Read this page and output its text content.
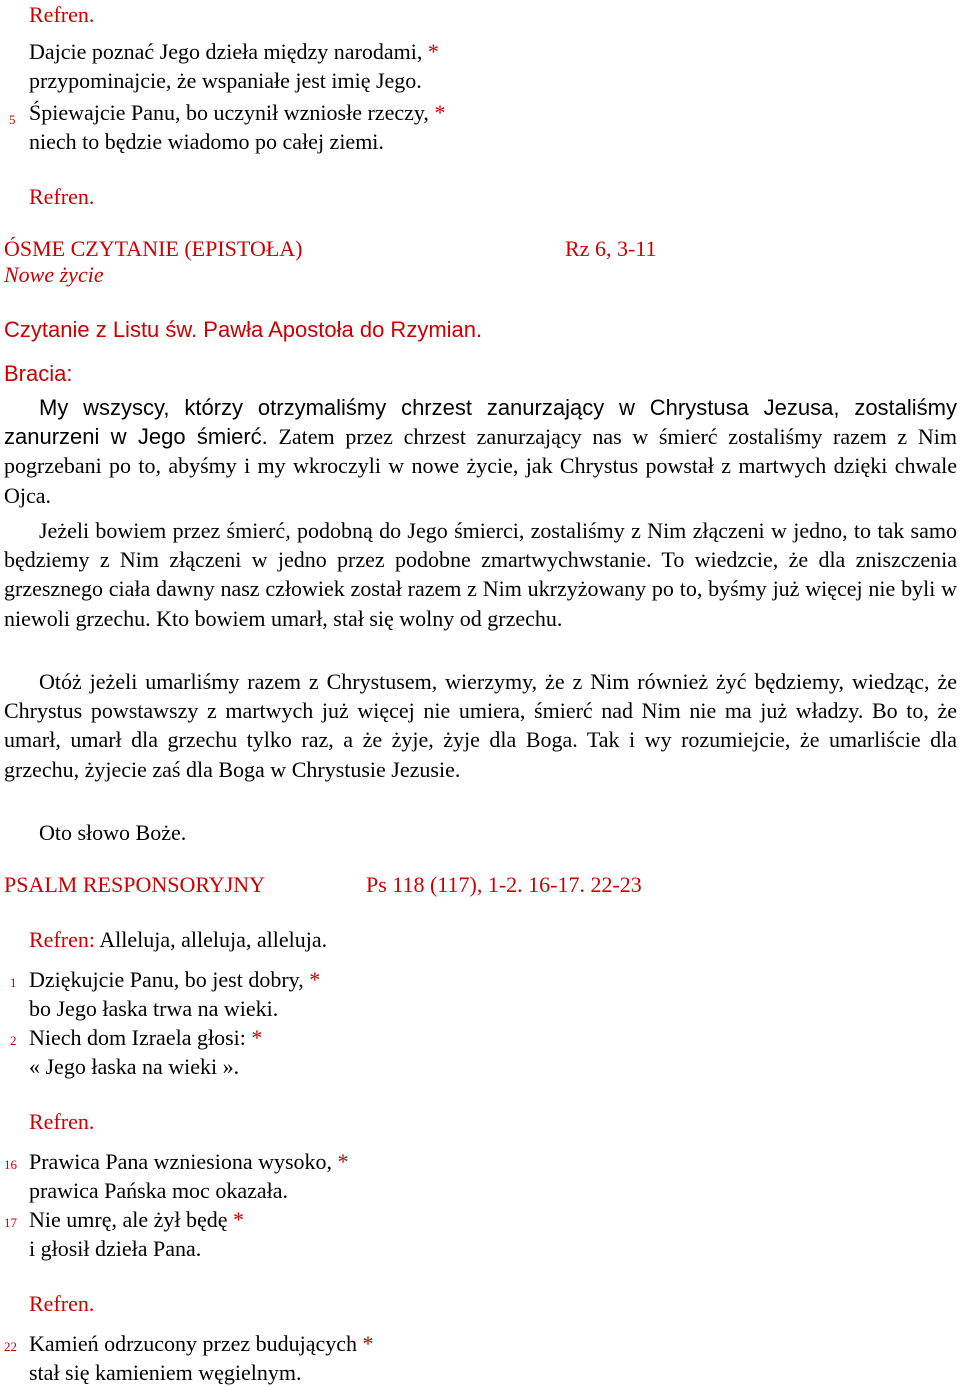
Refren.
5
Dajcie poznać Jego dzieła między narodami, *
przypominajcie, że wspaniałe jest imię Jego.
Śpiewajcie Panu, bo uczynił wzniosłe rzeczy, *
niech to będzie wiadomo po całej ziemi.
Refren.
ÓSME CZYTANIE (EPISTOŁA)	Rz 6, 3-11
Nowe życie
Czytanie z Listu św. Pawła Apostoła do Rzymian.
Bracia:

My wszyscy, którzy otrzymaliśmy chrzest zanurzający w Chrystusa Jezusa, zostaliśmy zanurzeni w Jego śmierć. Zatem przez chrzest zanurzający nas w śmierć zostaliśmy razem z Nim pogrzebani po to, abyśmy i my wkroczyli w nowe życie, jak Chrystus powstał z martwych dzięki chwale Ojca.

Jeżeli bowiem przez śmierć, podobną do Jego śmierci, zostaliśmy z Nim złączeni w jedno, to tak samo będziemy z Nim złączeni w jedno przez podobne zmartwychwstanie. To wiedzcie, że dla zniszczenia grzesznego ciała dawny nasz człowiek został razem z Nim ukrzyżowany po to, byśmy już więcej nie byli w niewoli grzechu. Kto bowiem umarł, stał się wolny od grzechu.

Otóż jeżeli umarliśmy razem z Chrystusem, wierzymy, że z Nim również żyć będziemy, wiedząc, że Chrystus powstawszy z martwych już więcej nie umiera, śmierć nad Nim nie ma już władzy. Bo to, że umarł, umarł dla grzechu tylko raz, a że żyje, żyje dla Boga. Tak i wy rozumiejcie, że umarliście dla grzechu, żyjecie zaś dla Boga w Chrystusie Jezusie.

Oto słowo Boże.
PSALM RESPONSORYJNY	Ps 118 (117), 1-2. 16-17. 22-23
Refren: Alleluja, alleluja, alleluja.
1 Dziękujcie Panu, bo jest dobry, *
bo Jego łaska trwa na wieki.
2 Niech dom Izraela głosi: *
« Jego łaska na wieki ».
Refren.
16 Prawica Pana wzniesiona wysoko, *
prawica Pańska moc okazała.
17 Nie umrę, ale żył będę *
i głosił dzieła Pana.
Refren.
22 Kamień odrzucony przez budujących *
stał się kamieniem węgielnym.
